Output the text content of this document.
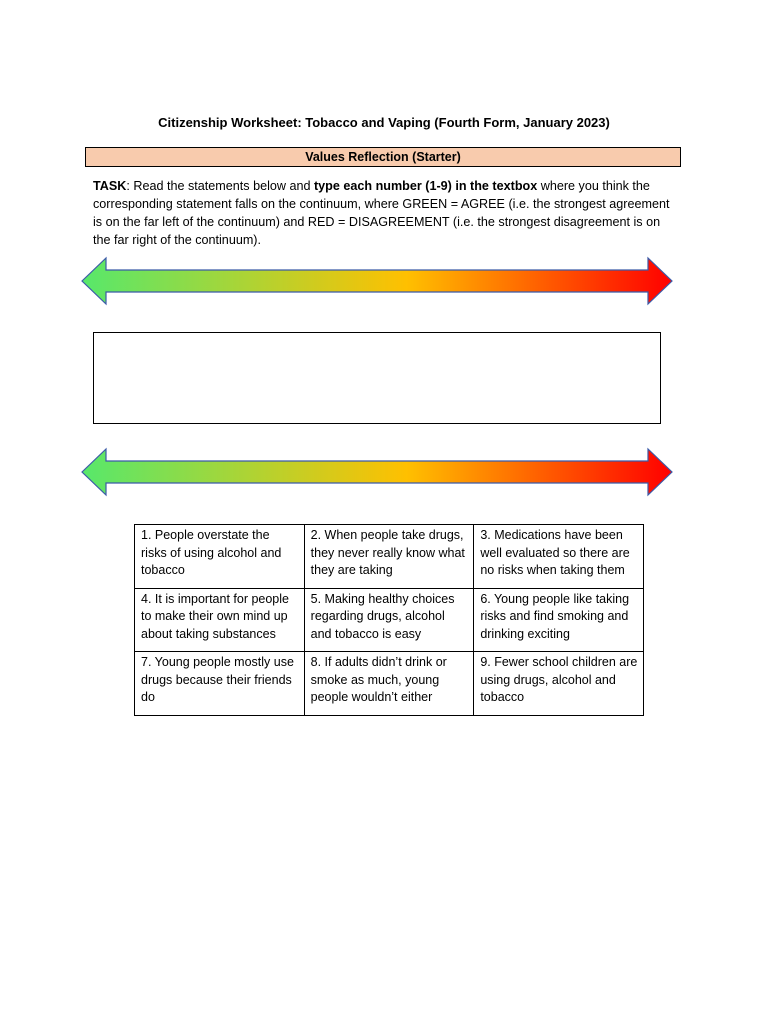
Citizenship Worksheet: Tobacco and Vaping (Fourth Form, January 2023)
Values Reflection (Starter)
TASK: Read the statements below and type each number (1-9) in the textbox where you think the corresponding statement falls on the continuum, where GREEN = AGREE (i.e. the strongest agreement is on the far left of the continuum) and RED = DISAGREEMENT (i.e. the strongest disagreement is on the far right of the continuum).
1. People overstate the risks of using alcohol and tobacco	2. When people take drugs, they never really know what they are taking	3. Medications have been well evaluated so there are no risks when taking them
4. It is important for people to make their own mind up about taking substances	5. Making healthy choices regarding drugs, alcohol and tobacco is easy	6. Young people like taking risks and find smoking and drinking exciting
7. Young people mostly use drugs because their friends do	8. If adults didn’t drink or smoke as much, young people wouldn’t either	9. Fewer school children are using drugs, alcohol and tobacco
